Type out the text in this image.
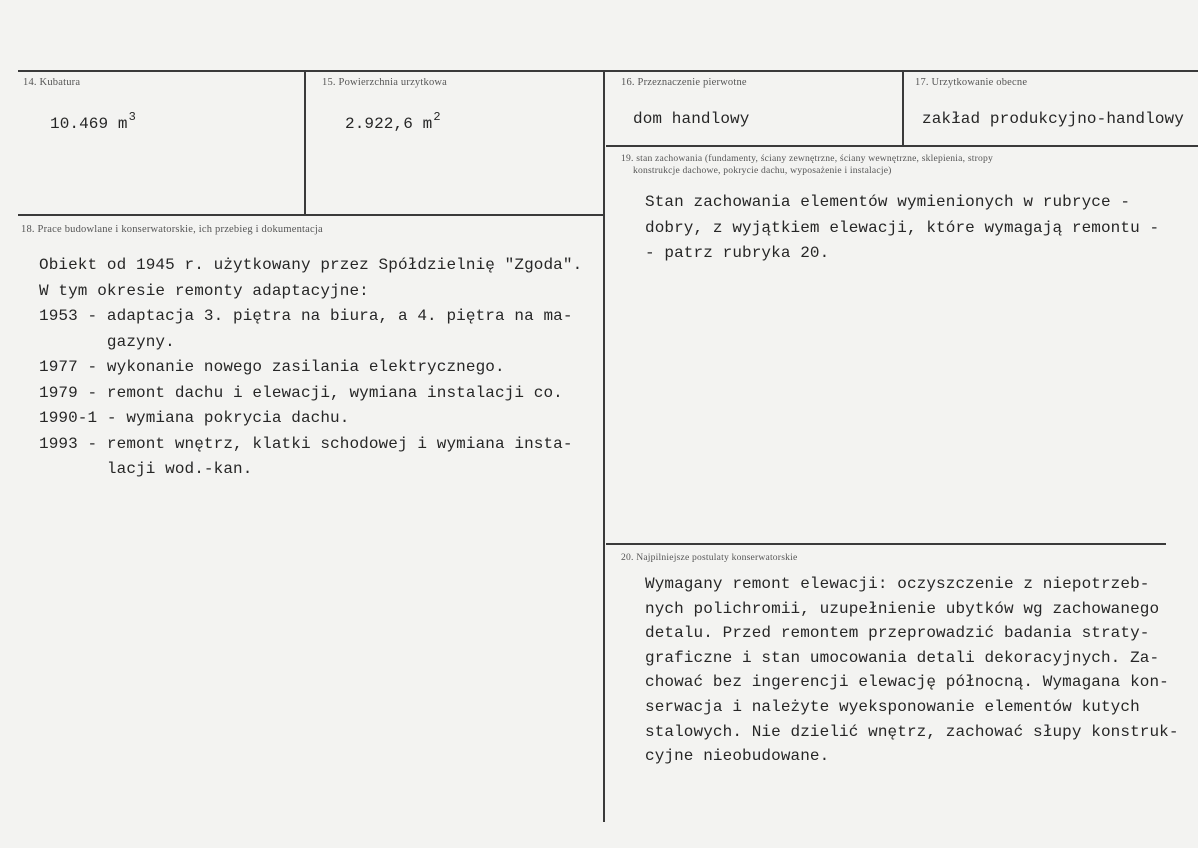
14. Kubatura
10.469 $m^3$
15. Powierzchnia urzytkowa
2.922,6 $m^2$
16. Przeznaczenie pierwotne
dom handlowy
17. Urzytkowanie obecne
zakład produkcyjno-handlowy
18. Prace budowlane i konserwatorskie, ich przebieg i dokumentacja
Obiekt od 1945 r. użytkowany przez Spółdzielnię "Zgoda".
W tym okresie remonty adaptacyjne:
1953 - adaptacja 3. piętra na biura, a 4. piętra na ma-
gazyny.
1977 - wykonanie nowego zasilania elektrycznego.
1979 - remont dachu i elewacji, wymiana instalacji co.
1990-1 - wymiana pokrycia dachu.
1993 - remont wnętrz, klatki schodowej i wymiana insta-
lacji wod.-kan.
19. stan zachowania (fundamenty, ściany zewnętrzne, ściany wewnętrzne, sklepienia, stropy
konstrukcje dachowe, pokrycie dachu, wyposażenie i instalacje)
Stan zachowania elementów wymienionych w rubryce -
dobry, z wyjątkiem elewacji, które wymagają remontu -
- patrz rubryka 20.
20. Najpilniejsze postulaty konserwatorskie
Wymagany remont elewacji: oczyszczenie z niepotrzeb-
nych polichromii, uzupełnienie ubytków wg zachowanego
detalu. Przed remontem przeprowadzić badania straty-
graficzne i stan umocowania detali dekoracyjnych. Za-
chować bez ingerencji elewację północną. Wymagana kon-
serwacja i należyte wyeksponowanie elementów kutych
stalowych. Nie dzielić wnętrz, zachować słupy konstruk-
cyjne nieobudowane.
